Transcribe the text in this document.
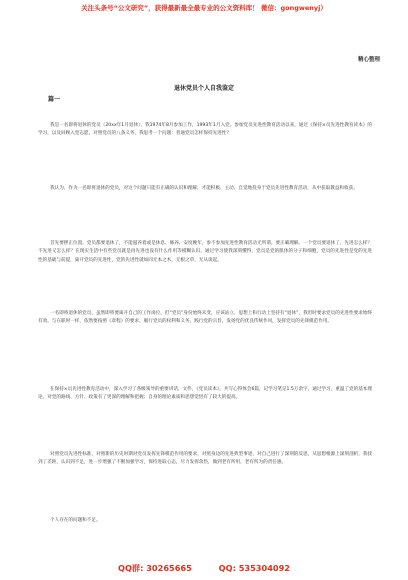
关注头条号“公文研究”，获得最新最全最专业的公文资料库！ 微信：gongwenyj）
精心整理
退休党员个人自我鉴定
篇一

我是一名即将退休的党员（20xx年1月退休），我1974年8月参加工作，1993年1月入党。参加党员先进性教育活动以来，通过《保持×员先进性教育读本》的学习，以及回顾入党志愿，对照党员的八条义务，我思考一个问题：普通党员怎样保持先进性？

我认为，作为一名即将退休的党员，对这个问题只能有正确的认识和理解，才能积极、主动、自觉地投身于党员先进性教育活动，从中获取教益和收获。

首先要摆正位置。党员都要退休了，不能滋养着或是休息、修养、安度晚年，参不参加先进性教育活动无所谓。要正确理解。一个党员要退休了，先进怎么样？不先进又怎么样？在现实生活中有些党员就是再先进也没有什么作用等模糊认识，通过学习使我深刻懂得，党员是党的肌体的分子和细胞，党员的先进性是党的先进性的基础与前提，离开党员的先进性，党的先进性就如同无本之木，无根之草，无从谈起。

一名即将退休的党员，虽然即将要离开自己的工作岗位，但“党员”身份始终未变，应该站立，思想上和行动上坚持有“退休”，我坦时要求党员的先进性要求始终有效。与在职时一样，依然要按照《章程》的要求，履行党员的权利和义务，践行党的宗旨，发扬党的优良传统作风，发挥党员的先锋模范作用。

在保持×员先进性教育活动中，深入学习了各级领导的重要讲话，文件，《党员读本》，共写心得体会6篇，记学习笔记1.5万余字，通过学习，重温了党的基本理论，对党的路线、方针、政策有了更深的理解和把握；自身的理论素质和思想觉悟有了较大的提高。

对照党员先进性标准，对照新的历史时期对党员发挥先锋模范作用的要求，对照身边的先进典型事迹，对自己进行了深刻的反思，从思想根源上深刻剖析，我找到了差距，认识到不足，进一步增强了不断加强学习，保持进取心态，尽力发挥余热，做到老有所用，老有所为的责任感。

个人存在的问题和不足。

QQ群: 30265665	QQ: 535304092
